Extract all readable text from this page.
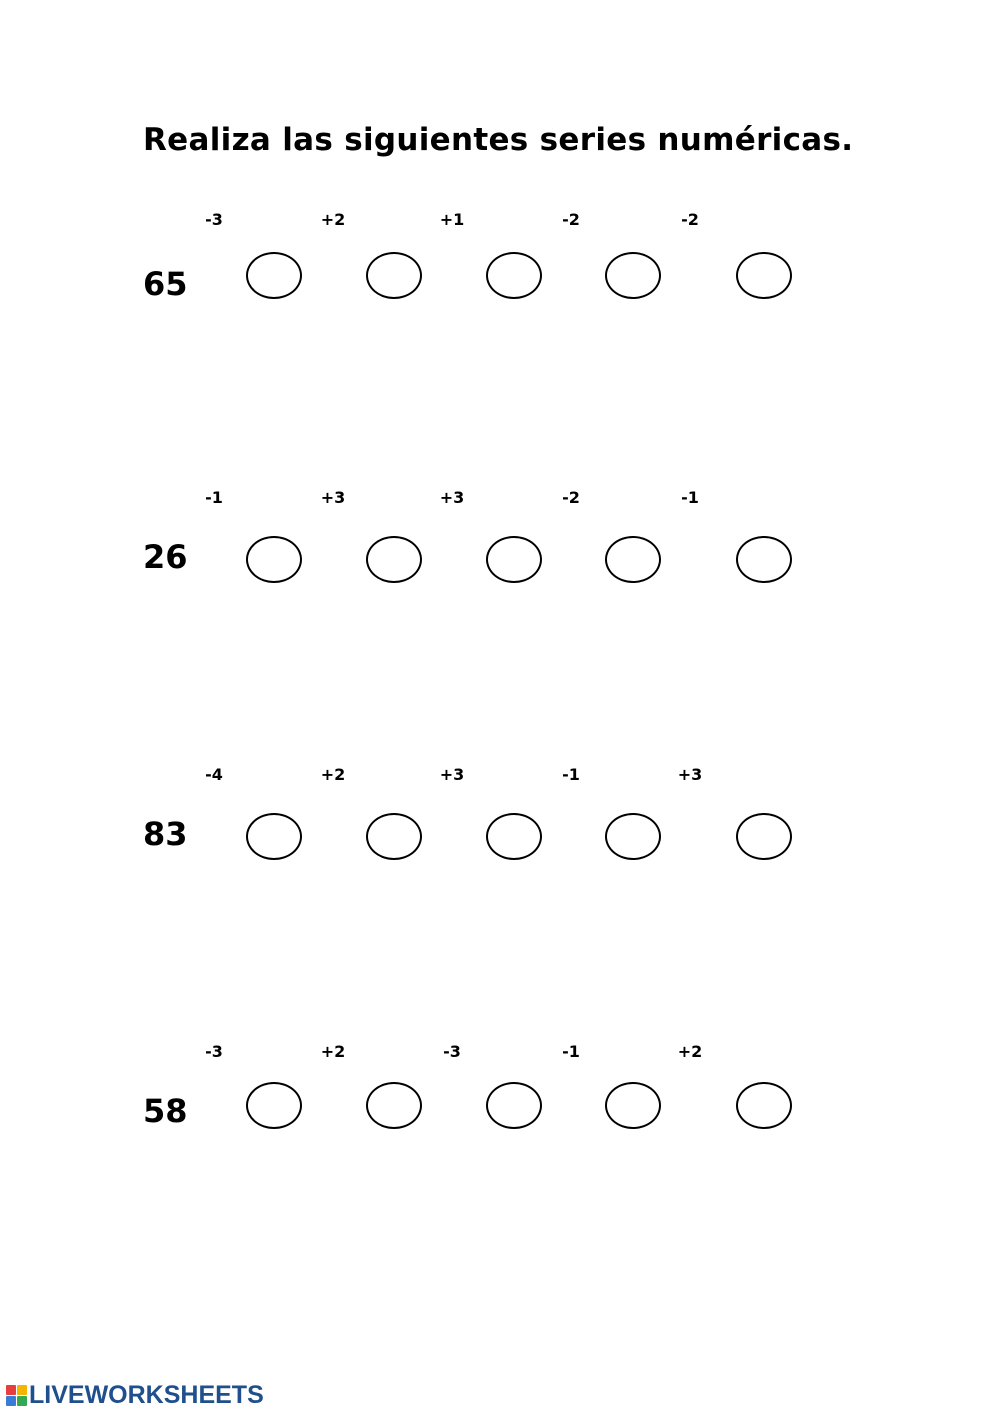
Realiza las siguientes series numéricas.
65
-3	+2	+1	-2	-2
26
-1	+3	+3	-2	-1
83
-4	+2	+3	-1	+3
58
-3	+2	-3	-1	+2
LIVEWORKSHEETS
